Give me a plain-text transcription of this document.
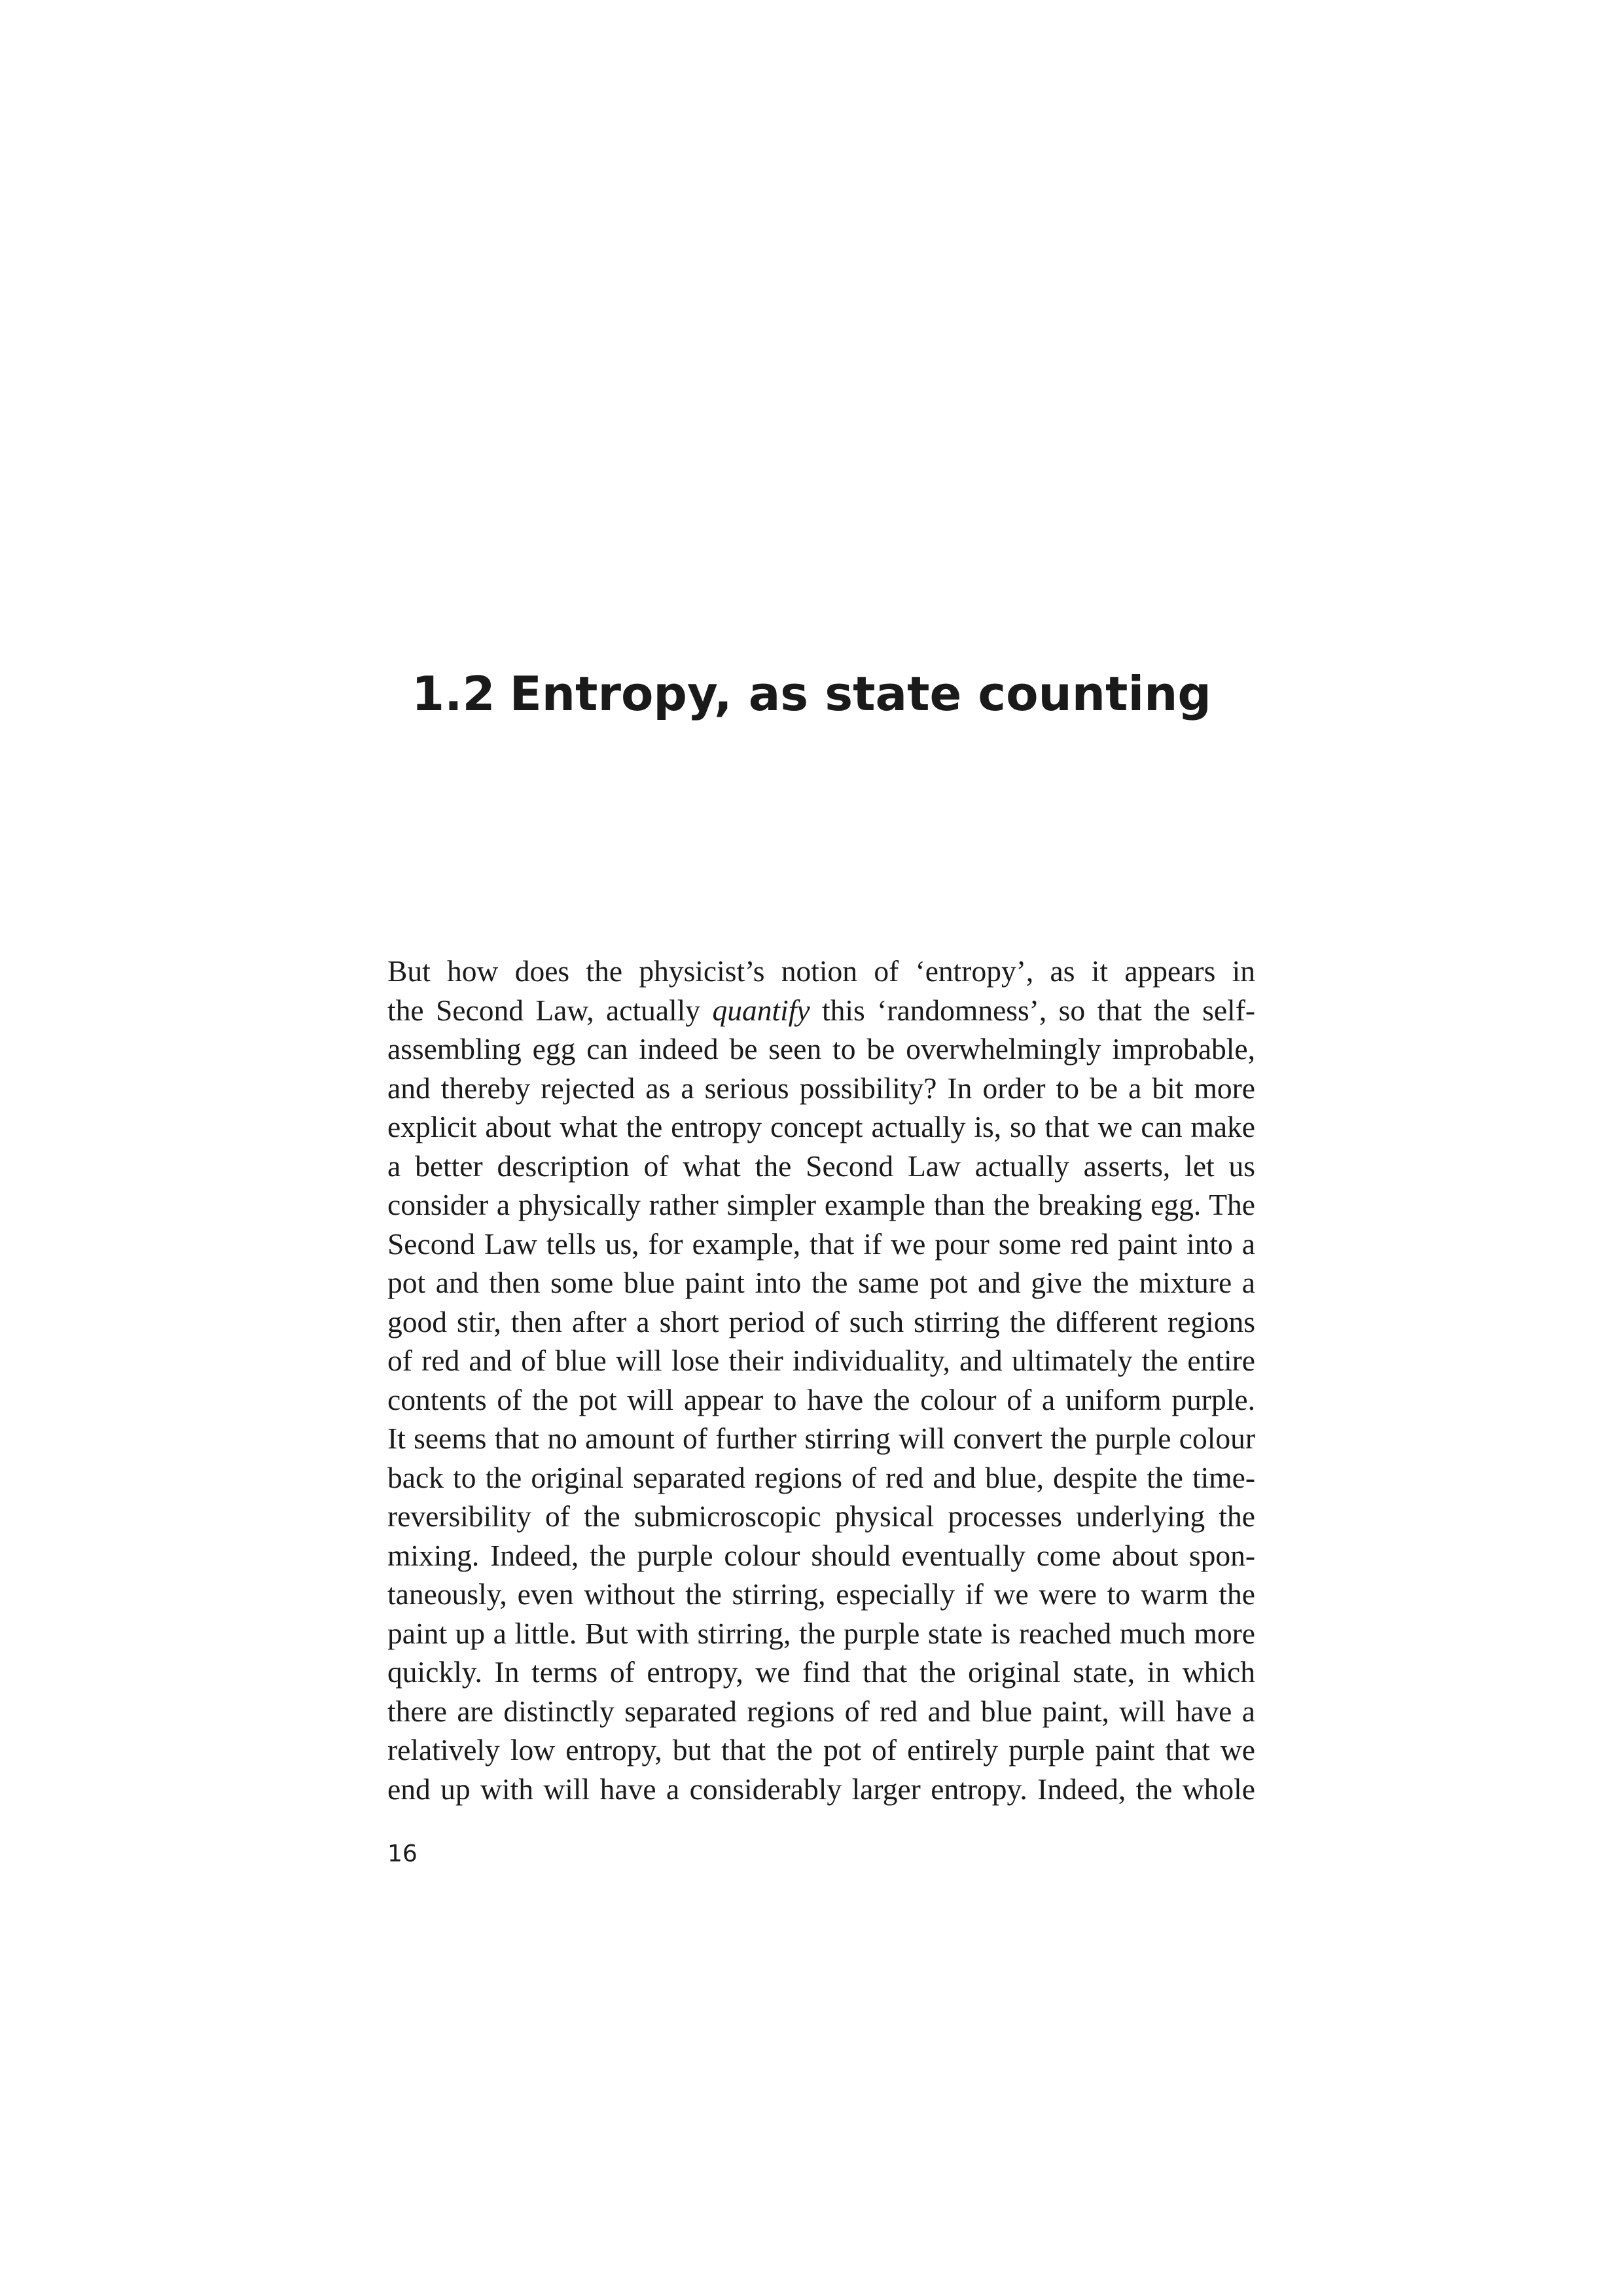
1.2 Entropy, as state counting
But how does the physicist’s notion of ‘entropy’, as it appears in
the Second Law, actually quantify this ‘randomness’, so that the self-
assembling egg can indeed be seen to be overwhelmingly improbable,
and thereby rejected as a serious possibility? In order to be a bit more
explicit about what the entropy concept actually is, so that we can make
a better description of what the Second Law actually asserts, let us
consider a physically rather simpler example than the breaking egg. The
Second Law tells us, for example, that if we pour some red paint into a
pot and then some blue paint into the same pot and give the mixture a
good stir, then after a short period of such stirring the different regions
of red and of blue will lose their individuality, and ultimately the entire
contents of the pot will appear to have the colour of a uniform purple.
It seems that no amount of further stirring will convert the purple colour
back to the original separated regions of red and blue, despite the time-
reversibility of the submicroscopic physical processes underlying the
mixing. Indeed, the purple colour should eventually come about spon-
taneously, even without the stirring, especially if we were to warm the
paint up a little. But with stirring, the purple state is reached much more
quickly. In terms of entropy, we find that the original state, in which
there are distinctly separated regions of red and blue paint, will have a
relatively low entropy, but that the pot of entirely purple paint that we
end up with will have a considerably larger entropy. Indeed, the whole
16
